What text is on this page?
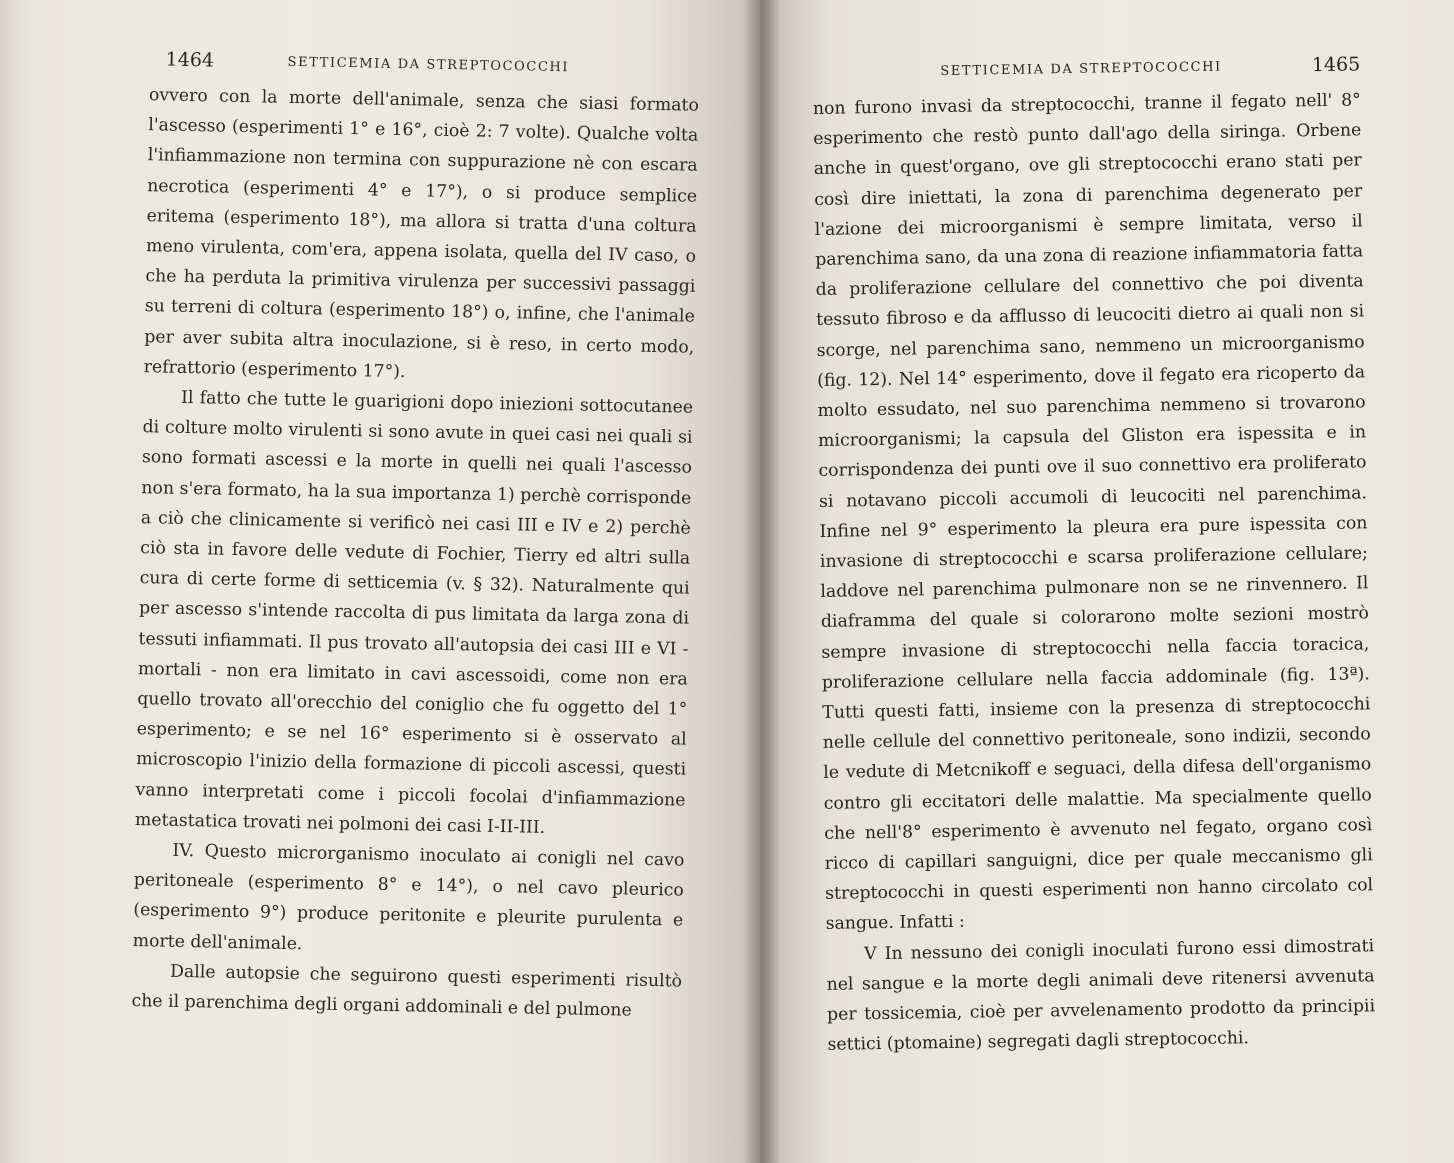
1464	SETTICEMIA DA STREPTOCOCCHI

ovvero con la morte dell'animale, senza che siasi formato l'ascesso (esperimenti 1° e 16°, cioè 2: 7 volte). Qualche volta l'infiammazione non termina con suppurazione nè con escara necrotica (esperimenti 4° e 17°), o si produce semplice eritema (esperimento 18°), ma allora si tratta d'una coltura meno virulenta, com'era, appena isolata, quella del IV caso, o che ha perduta la primitiva virulenza per successivi passaggi su terreni di coltura (esperimento 18°) o, infine, che l'animale per aver subita altra inoculazione, si è reso, in certo modo, refrattorio (esperimento 17°).

Il fatto che tutte le guarigioni dopo iniezioni sottocutanee di colture molto virulenti si sono avute in quei casi nei quali si sono formati ascessi e la morte in quelli nei quali l'ascesso non s'era formato, ha la sua importanza 1) perchè corrisponde a ciò che clinicamente si verificò nei casi III e IV e 2) perchè ciò sta in favore delle vedute di Fochier, Tierry ed altri sulla cura di certe forme di setticemia (v. § 32). Naturalmente qui per ascesso s'intende raccolta di pus limitata da larga zona di tessuti infiammati. Il pus trovato all'autopsia dei casi III e VI - mortali - non era limitato in cavi ascessoidi, come non era quello trovato all'orecchio del coniglio che fu oggetto del 1° esperimento; e se nel 16° esperimento si è osservato al microscopio l'inizio della formazione di piccoli ascessi, questi vanno interpretati come i piccoli focolai d'infiammazione metastatica trovati nei polmoni dei casi I-II-III.

IV. Questo microrganismo inoculato ai conigli nel cavo peritoneale (esperimento 8° e 14°), o nel cavo pleurico (esperimento 9°) produce peritonite e pleurite purulenta e morte dell'animale.

Dalle autopsie che seguirono questi esperimenti risultò che il parenchima degli organi addominali e del pulmone

SETTICEMIA DA STREPTOCOCCHI	1465

non furono invasi da streptococchi, tranne il fegato nell' 8° esperimento che restò punto dall'ago della siringa. Orbene anche in quest'organo, ove gli streptococchi erano stati per così dire iniettati, la zona di parenchima degenerato per l'azione dei microorganismi è sempre limitata, verso il parenchima sano, da una zona di reazione infiammatoria fatta da proliferazione cellulare del connettivo che poi diventa tessuto fibroso e da afflusso di leucociti dietro ai quali non si scorge, nel parenchima sano, nemmeno un microorganismo (fig. 12). Nel 14° esperimento, dove il fegato era ricoperto da molto essudato, nel suo parenchima nemmeno si trovarono microorganismi; la capsula del Gliston era ispessita e in corrispondenza dei punti ove il suo connettivo era proliferato si notavano piccoli accumoli di leucociti nel parenchima. Infine nel 9° esperimento la pleura era pure ispessita con invasione di streptococchi e scarsa proliferazione cellulare; laddove nel parenchima pulmonare non se ne rinvennero. Il diaframma del quale si colorarono molte sezioni mostrò sempre invasione di streptococchi nella faccia toracica, proliferazione cellulare nella faccia addominale (fig. 13ª). Tutti questi fatti, insieme con la presenza di streptococchi nelle cellule del connettivo peritoneale, sono indizii, secondo le vedute di Metcnikoff e seguaci, della difesa dell'organismo contro gli eccitatori delle malattie. Ma specialmente quello che nell'8° esperimento è avvenuto nel fegato, organo così ricco di capillari sanguigni, dice per quale meccanismo gli streptococchi in questi esperimenti non hanno circolato col sangue. Infatti :

V In nessuno dei conigli inoculati furono essi dimostrati nel sangue e la morte degli animali deve ritenersi avvenuta per tossicemia, cioè per avvelenamento prodotto da principii settici (ptomaine) segregati dagli streptococchi.
